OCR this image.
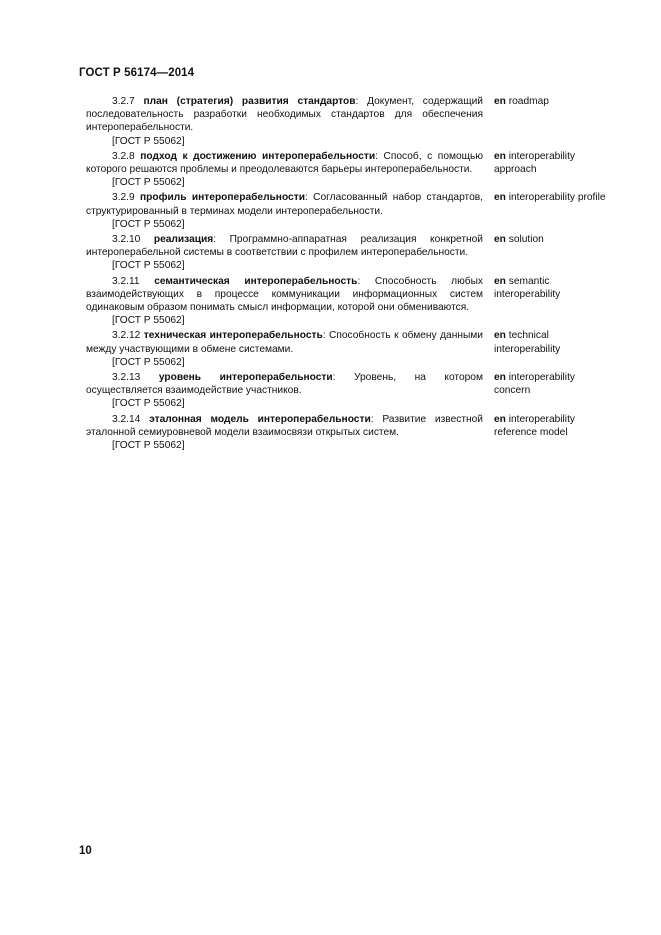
ГОСТ Р 56174—2014

3.2.7 план (стратегия) развития стандартов: Документ, содержащий последовательность разработки необходимых стандартов для обеспечения интероперабельности.

[ГОСТ Р 55062]

en roadmap

3.2.8 подход к достижению интероперабельности: Способ, с помощью которого решаются проблемы и преодолеваются барьеры интероперабельности.

[ГОСТ Р 55062]

en interoperability approach

3.2.9 профиль интероперабельности: Согласованный набор стандартов, структурированный в терминах модели интероперабельности.

[ГОСТ Р 55062]

en interoperability profile

3.2.10 реализация: Программно-аппаратная реализация конкретной интероперабельной системы в соответствии с профилем интероперабельности.

[ГОСТ Р 55062]

en solution

3.2.11 семантическая интероперабельность: Способность любых взаимодействующих в процессе коммуникации информационных систем одинаковым образом понимать смысл информации, которой они обмениваются.

[ГОСТ Р 55062]

en semantic interoperability

3.2.12 техническая интероперабельность: Способность к обмену данными между участвующими в обмене системами.

[ГОСТ Р 55062]

en technical interoperability

3.2.13 уровень интероперабельности: Уровень, на котором осуществляется взаимодействие участников.

[ГОСТ Р 55062]

en interoperability concern

3.2.14 эталонная модель интероперабельности: Развитие известной эталонной семиуровневой модели взаимосвязи открытых систем.

[ГОСТ Р 55062]

en interoperability reference model
10
